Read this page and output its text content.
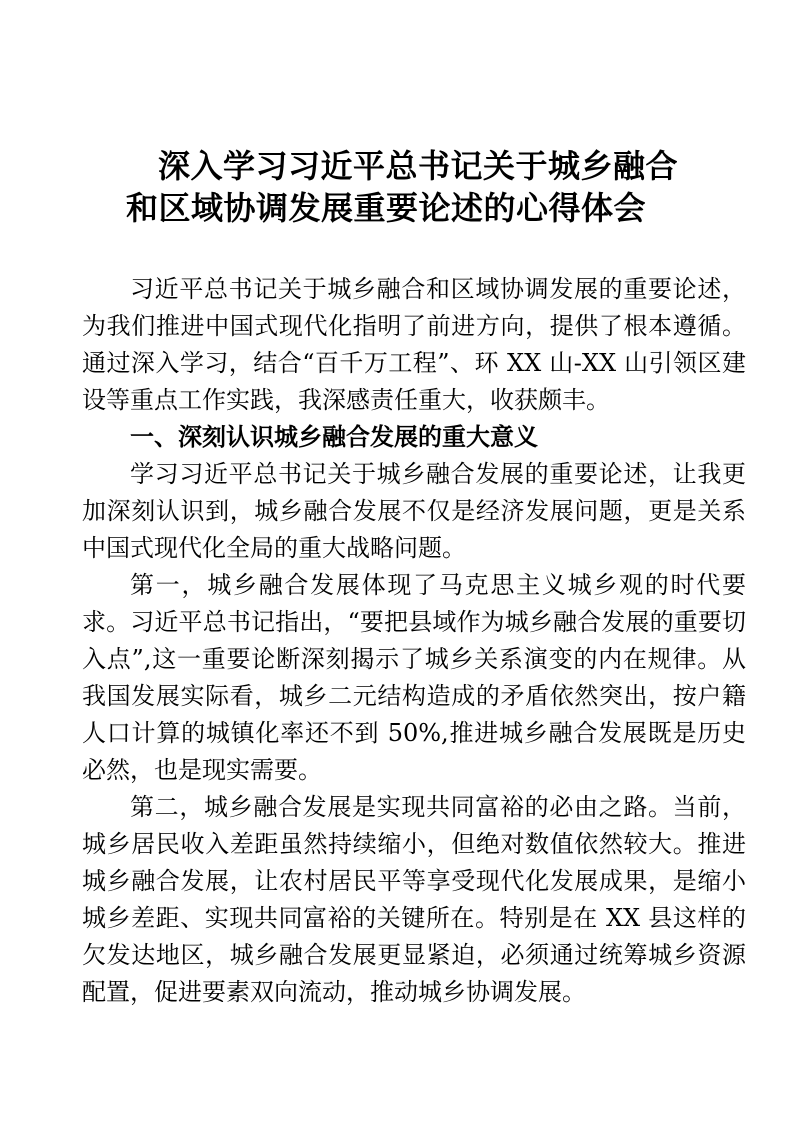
深入学习习近平总书记关于城乡融合
和区域协调发展重要论述的心得体会

习近平总书记关于城乡融合和区域协调发展的重要论述，为我们推进中国式现代化指明了前进方向，提供了根本遵循。通过深入学习，结合“百千万工程”、环 XX 山-XX 山引领区建设等重点工作实践，我深感责任重大，收获颇丰。

一、深刻认识城乡融合发展的重大意义

学习习近平总书记关于城乡融合发展的重要论述，让我更加深刻认识到，城乡融合发展不仅是经济发展问题，更是关系中国式现代化全局的重大战略问题。

第一，城乡融合发展体现了马克思主义城乡观的时代要求。习近平总书记指出，“要把县域作为城乡融合发展的重要切入点”,这一重要论断深刻揭示了城乡关系演变的内在规律。从我国发展实际看，城乡二元结构造成的矛盾依然突出，按户籍人口计算的城镇化率还不到 50%,推进城乡融合发展既是历史必然，也是现实需要。

第二，城乡融合发展是实现共同富裕的必由之路。当前，城乡居民收入差距虽然持续缩小，但绝对数值依然较大。推进城乡融合发展，让农村居民平等享受现代化发展成果，是缩小城乡差距、实现共同富裕的关键所在。特别是在 XX 县这样的欠发达地区，城乡融合发展更显紧迫，必须通过统筹城乡资源配置，促进要素双向流动，推动城乡协调发展。
